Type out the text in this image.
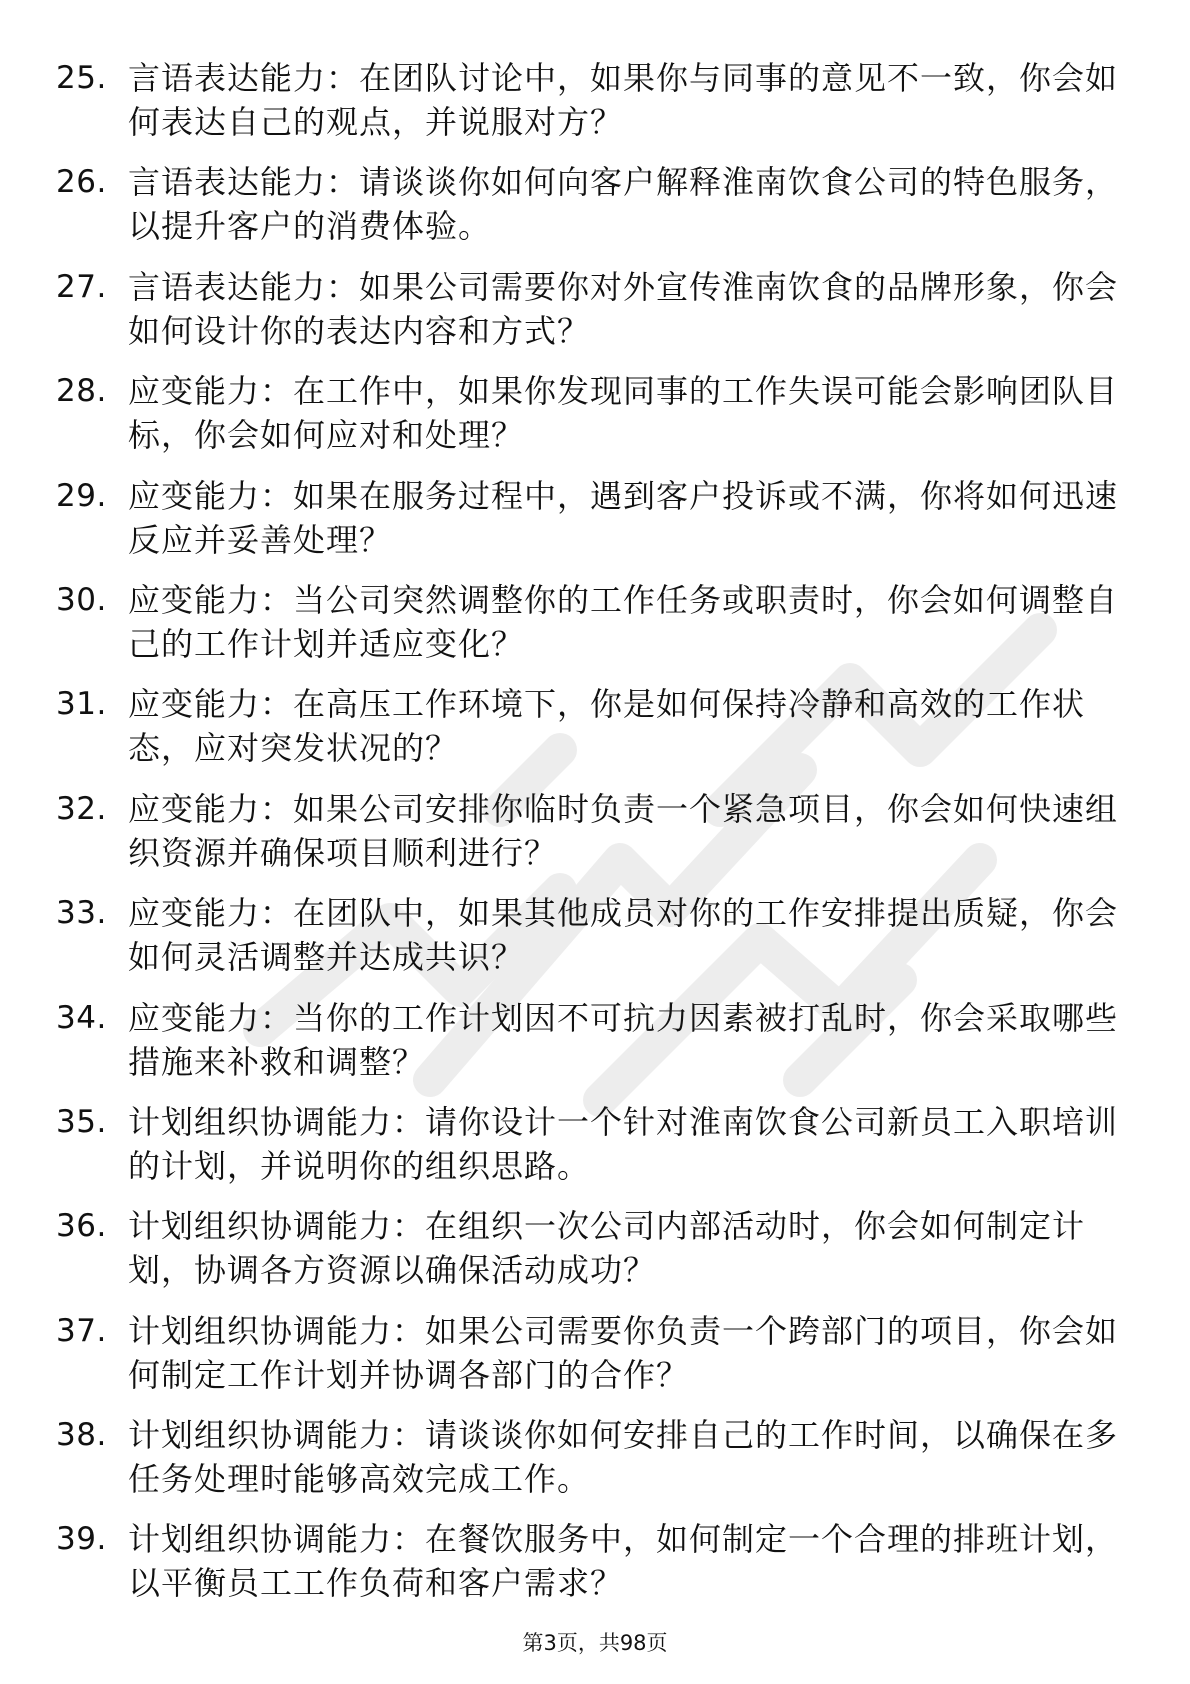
25. 言语表达能力：在团队讨论中，如果你与同事的意见不一致，你会如何表达自己的观点，并说服对方？
26. 言语表达能力：请谈谈你如何向客户解释淮南饮食公司的特色服务，以提升客户的消费体验。
27. 言语表达能力：如果公司需要你对外宣传淮南饮食的品牌形象，你会如何设计你的表达内容和方式？
28. 应变能力：在工作中，如果你发现同事的工作失误可能会影响团队目标，你会如何应对和处理？
29. 应变能力：如果在服务过程中，遇到客户投诉或不满，你将如何迅速反应并妥善处理？
30. 应变能力：当公司突然调整你的工作任务或职责时，你会如何调整自己的工作计划并适应变化？
31. 应变能力：在高压工作环境下，你是如何保持冷静和高效的工作状态，应对突发状况的？
32. 应变能力：如果公司安排你临时负责一个紧急项目，你会如何快速组织资源并确保项目顺利进行？
33. 应变能力：在团队中，如果其他成员对你的工作安排提出质疑，你会如何灵活调整并达成共识？
34. 应变能力：当你的工作计划因不可抗力因素被打乱时，你会采取哪些措施来补救和调整？
35. 计划组织协调能力：请你设计一个针对淮南饮食公司新员工入职培训的计划，并说明你的组织思路。
36. 计划组织协调能力：在组织一次公司内部活动时，你会如何制定计划，协调各方资源以确保活动成功？
37. 计划组织协调能力：如果公司需要你负责一个跨部门的项目，你会如何制定工作计划并协调各部门的合作？
38. 计划组织协调能力：请谈谈你如何安排自己的工作时间，以确保在多任务处理时能够高效完成工作。
39. 计划组织协调能力：在餐饮服务中，如何制定一个合理的排班计划，以平衡员工工作负荷和客户需求？
第3页，共98页
